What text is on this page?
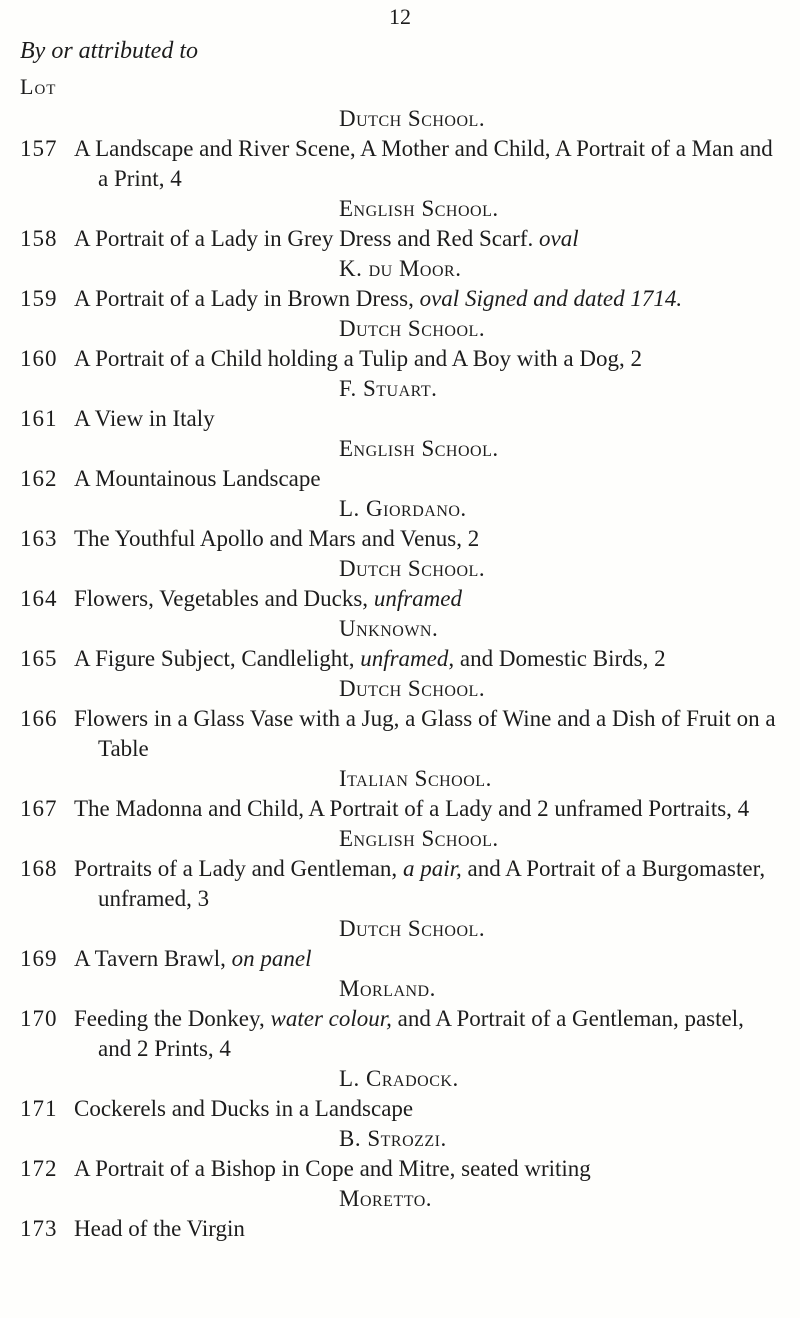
12
By or attributed to
Lot
Dutch School.
157 A Landscape and River Scene, A Mother and Child, A Portrait of a Man and a Print, 4
English School.
158 A Portrait of a Lady in Grey Dress and Red Scarf. oval
K. du Moor.
159 A Portrait of a Lady in Brown Dress, oval Signed and dated 1714.
Dutch School.
160 A Portrait of a Child holding a Tulip and A Boy with a Dog, 2
F. Stuart.
161 A View in Italy
English School.
162 A Mountainous Landscape
L. Giordano.
163 The Youthful Apollo and Mars and Venus, 2
Dutch School.
164 Flowers, Vegetables and Ducks, unframed
Unknown.
165 A Figure Subject, Candlelight, unframed, and Domestic Birds, 2
Dutch School.
166 Flowers in a Glass Vase with a Jug, a Glass of Wine and a Dish of Fruit on a Table
Italian School.
167 The Madonna and Child, A Portrait of a Lady and 2 unframed Portraits, 4
English School.
168 Portraits of a Lady and Gentleman, a pair, and A Portrait of a Burgomaster, unframed, 3
Dutch School.
169 A Tavern Brawl, on panel
Morland.
170 Feeding the Donkey, water colour, and A Portrait of a Gentleman, pastel, and 2 Prints, 4
L. Cradock.
171 Cockerels and Ducks in a Landscape
B. Strozzi.
172 A Portrait of a Bishop in Cope and Mitre, seated writing
Moretto.
173 Head of the Virgin
